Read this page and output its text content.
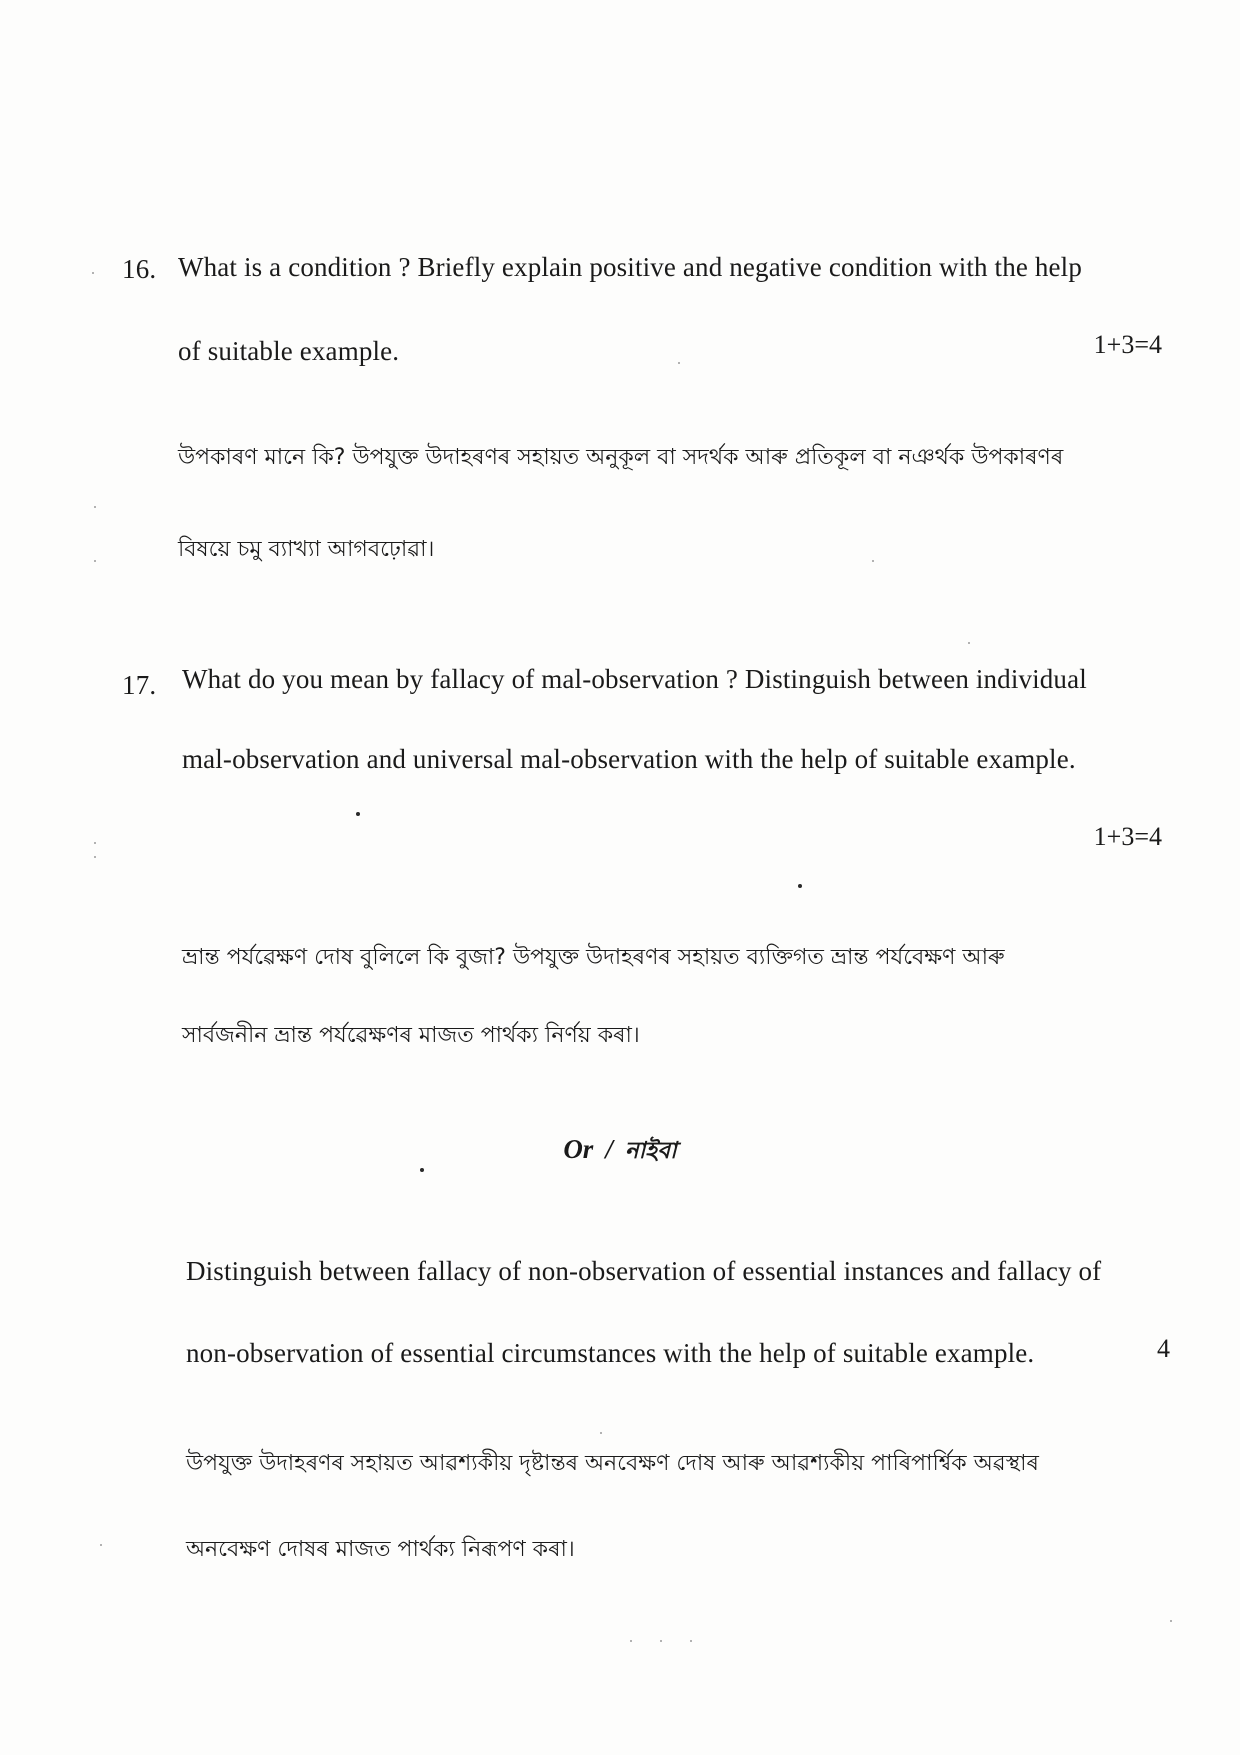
16. What is a condition ? Briefly explain positive and negative condition with the help
of suitable example.	1+3=4
উপকাৰণ মানে কি? উপযুক্ত উদাহৰণৰ সহায়ত অনুকূল বা সদৰ্থক আৰু প্ৰতিকূল বা নঞৰ্থক উপকাৰণৰ
বিষয়ে চমু ব্যাখ্যা আগবঢ়োৱা।
17. What do you mean by fallacy of mal-observation ? Distinguish between individual
mal-observation and universal mal-observation with the help of suitable example.
1+3=4
ভ্ৰান্ত পৰ্যৱেক্ষণ দোষ বুলিলে কি বুজা? উপযুক্ত উদাহৰণৰ সহায়ত ব্যক্তিগত ভ্ৰান্ত পৰ্যবেক্ষণ আৰু
সাৰ্বজনীন ভ্ৰান্ত পৰ্যৱেক্ষণৰ মাজত পাৰ্থক্য নিৰ্ণয় কৰা।
Or / নাইবা
Distinguish between fallacy of non-observation of essential instances and fallacy of
non-observation of essential circumstances with the help of suitable example.	4
উপযুক্ত উদাহৰণৰ সহায়ত আৱশ্যকীয় দৃষ্টান্তৰ অনবেক্ষণ দোষ আৰু আৱশ্যকীয় পাৰিপাৰ্শ্বিক অৱস্থাৰ
অনবেক্ষণ দোষৰ মাজত পাৰ্থক্য নিৰূপণ কৰা।
